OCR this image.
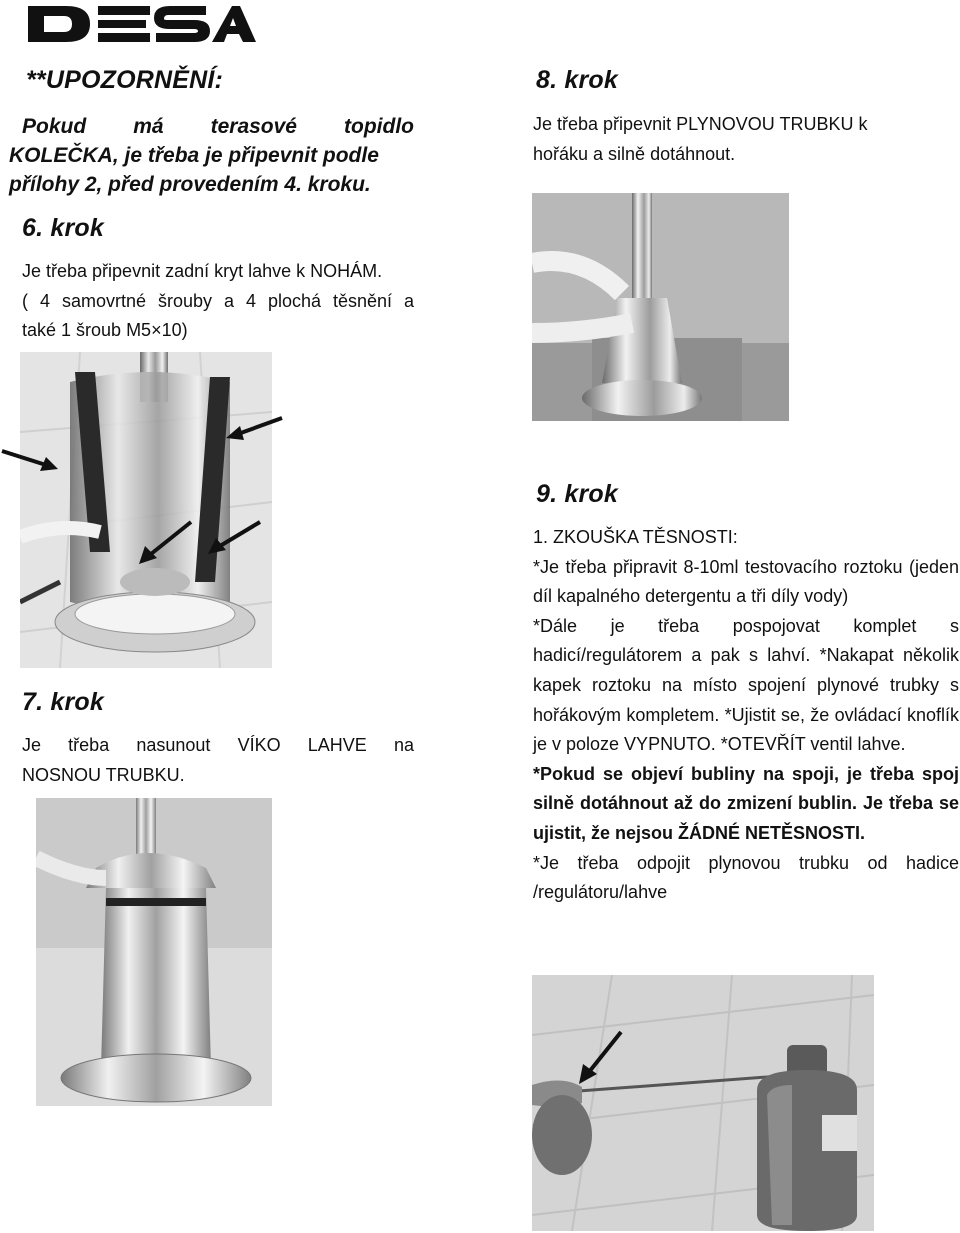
**UPOZORNĚNÍ:
Pokud má terasové topidlo
KOLEČKA, je třeba je připevnit podle
přílohy 2, před provedením 4. kroku.
6. krok
Je třeba připevnit zadní kryt lahve k NOHÁM.
( 4 samovrtné šrouby a 4 plochá těsnění a
také 1 šroub M5×10)
7. krok
Je třeba nasunout VÍKO LAHVE na
NOSNOU TRUBKU.
8. krok
Je třeba připevnit PLYNOVOU TRUBKU k
hořáku a silně dotáhnout.
9. krok

1. ZKOUŠKA TĚSNOSTI:

*Je třeba připravit 8-10ml testovacího roztoku (jeden díl kapalného detergentu a tři díly vody)

*Dále je třeba pospojovat komplet s hadicí/regulátorem a pak s lahví. *Nakapat několik kapek roztoku na místo spojení plynové trubky s hořákovým kompletem. *Ujistit se, že ovládací knoflík je v poloze VYPNUTO. *OTEVŘÍT ventil lahve.

*Pokud se objeví bubliny na spoji, je třeba spoj silně dotáhnout až do zmizení bublin. Je třeba se ujistit, že nejsou ŽÁDNÉ NETĚSNOSTI.

*Je třeba odpojit plynovou trubku od hadice /regulátoru/lahve
